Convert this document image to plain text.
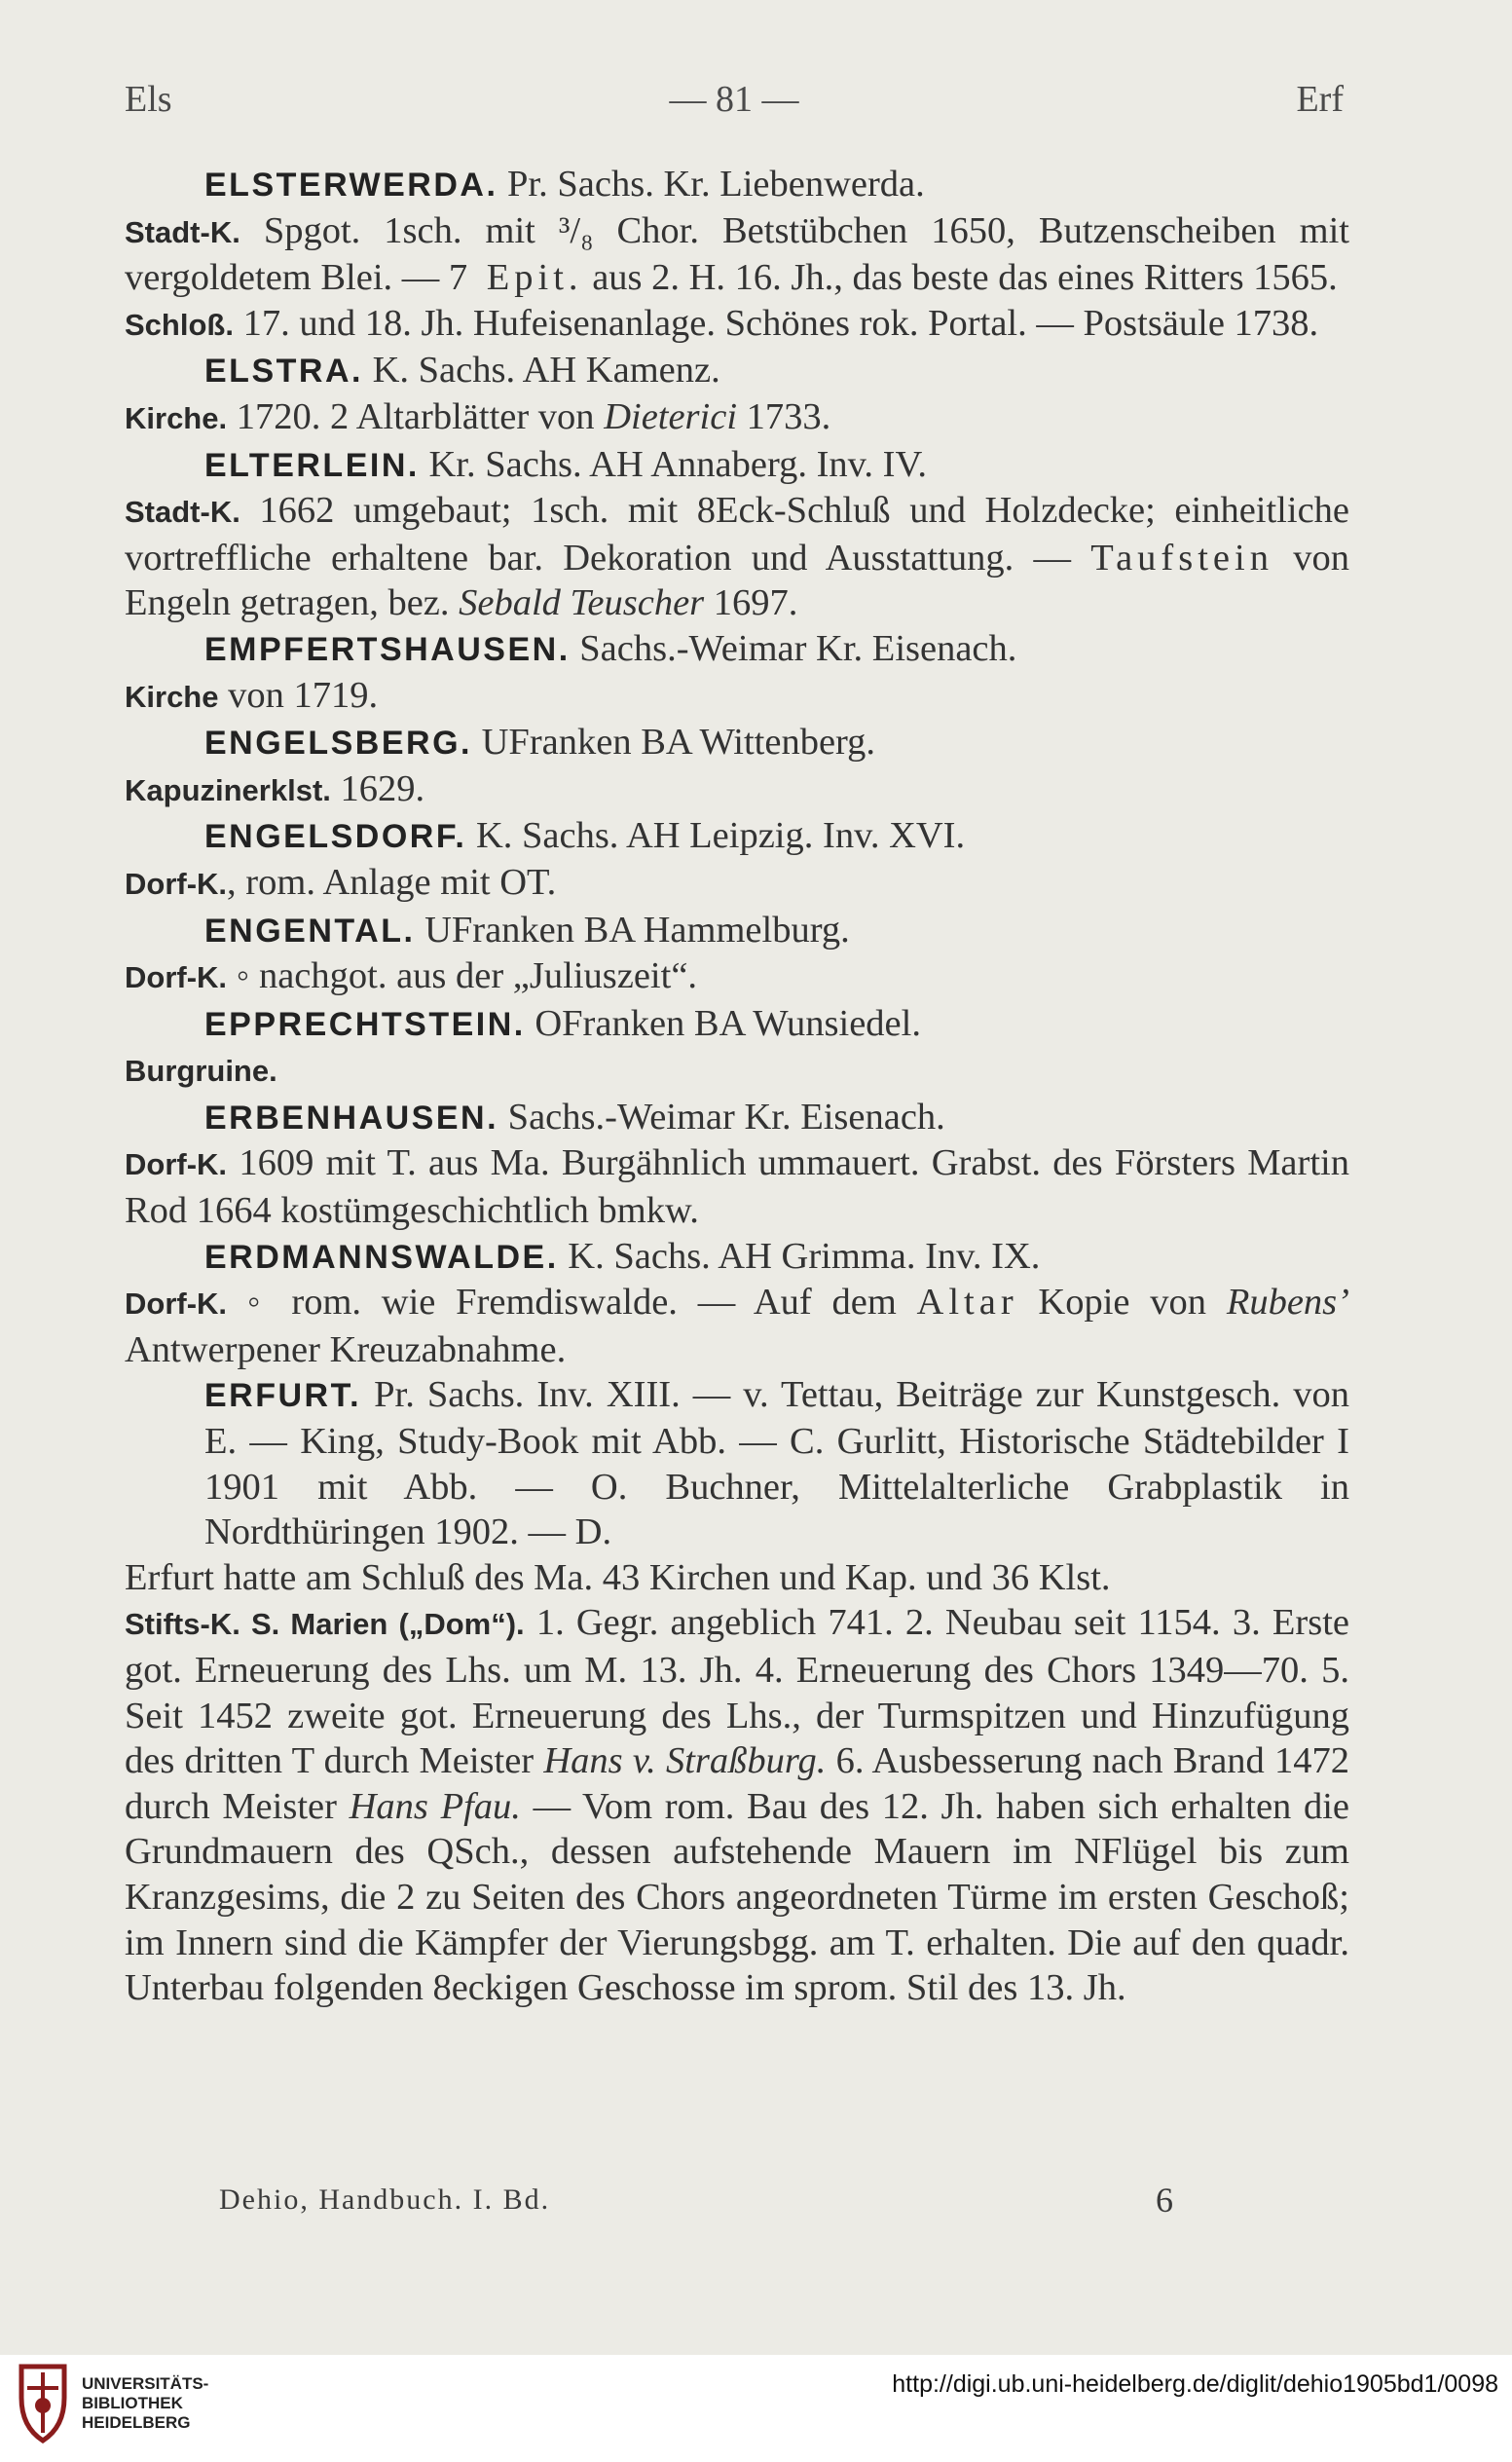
Els	— 81 —	Erf

ELSTERWERDA. Pr. Sachs. Kr. Liebenwerda.

Stadt-K. Spgot. 1sch. mit ³/₈ Chor. Betstübchen 1650, Butzenscheiben mit vergoldetem Blei. — 7 Epit. aus 2. H. 16. Jh., das beste das eines Ritters 1565.

Schloß. 17. und 18. Jh. Hufeisenanlage. Schönes rok. Portal. — Postsäule 1738.

ELSTRA. K. Sachs. AH Kamenz.

Kirche. 1720. 2 Altarblätter von Dieterici 1733.

ELTERLEIN. Kr. Sachs. AH Annaberg. Inv. IV.

Stadt-K. 1662 umgebaut; 1sch. mit 8Eck-Schluß und Holzdecke; einheitliche vortreffliche erhaltene bar. Dekoration und Ausstattung. — Taufstein von Engeln getragen, bez. Sebald Teuscher 1697.

EMPFERTSHAUSEN. Sachs.-Weimar Kr. Eisenach.

Kirche von 1719.

ENGELSBERG. UFranken BA Wittenberg.

Kapuzinerklst. 1629.

ENGELSDORF. K. Sachs. AH Leipzig. Inv. XVI.

Dorf-K., rom. Anlage mit OT.

ENGENTAL. UFranken BA Hammelburg.

Dorf-K. ◦ nachgot. aus der „Juliuszeit“.

EPPRECHTSTEIN. OFranken BA Wunsiedel.

Burgruine.

ERBENHAUSEN. Sachs.-Weimar Kr. Eisenach.

Dorf-K. 1609 mit T. aus Ma. Burgähnlich ummauert. Grabst. des Försters Martin Rod 1664 kostümgeschichtlich bmkw.

ERDMANNSWALDE. K. Sachs. AH Grimma. Inv. IX.

Dorf-K. ◦ rom. wie Fremdiswalde. — Auf dem Altar Kopie von Rubens’ Antwerpener Kreuzabnahme.

ERFURT. Pr. Sachs. Inv. XIII. — v. Tettau, Beiträge zur Kunstgesch. von E. — King, Study-Book mit Abb. — C. Gurlitt, Historische Städtebilder I 1901 mit Abb. — O. Buchner, Mittelalterliche Grabplastik in Nordthüringen 1902. — D.

Erfurt hatte am Schluß des Ma. 43 Kirchen und Kap. und 36 Klst.

Stifts-K. S. Marien („Dom“). 1. Gegr. angeblich 741. 2. Neubau seit 1154. 3. Erste got. Erneuerung des Lhs. um M. 13. Jh. 4. Erneuerung des Chors 1349—70. 5. Seit 1452 zweite got. Erneuerung des Lhs., der Turmspitzen und Hinzufügung des dritten T durch Meister Hans v. Straßburg. 6. Ausbesserung nach Brand 1472 durch Meister Hans Pfau. — Vom rom. Bau des 12. Jh. haben sich erhalten die Grundmauern des QSch., dessen aufstehende Mauern im NFlügel bis zum Kranzgesims, die 2 zu Seiten des Chors angeordneten Türme im ersten Geschoß; im Innern sind die Kämpfer der Vierungsbgg. am T. erhalten. Die auf den quadr. Unterbau folgenden 8eckigen Geschosse im sprom. Stil des 13. Jh.

Dehio, Handbuch. I. Bd.	6
UNIVERSITÄTS-
BIBLIOTHEK
HEIDELBERG
http://digi.ub.uni-heidelberg.de/diglit/dehio1905bd1/0098
